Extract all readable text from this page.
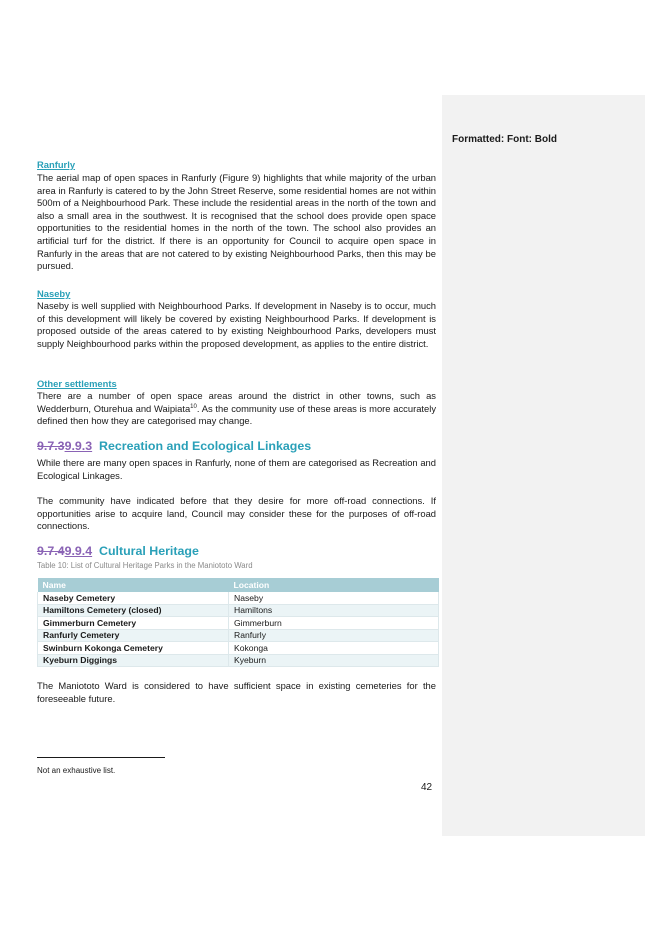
Formatted: Font: Bold
Ranfurly

The aerial map of open spaces in Ranfurly (Figure 9) highlights that while majority of the urban area in Ranfurly is catered to by the John Street Reserve, some residential homes are not within 500m of a Neighbourhood Park. These include the residential areas in the north of the town and also a small area in the southwest. It is recognised that the school does provide open space opportunities to the residential homes in the north of the town. The school also provides an artificial turf for the district. If there is an opportunity for Council to acquire open space in Ranfurly in the areas that are not catered to by existing Neighbourhood Parks, then this may be pursued.

Naseby

Naseby is well supplied with Neighbourhood Parks. If development in Naseby is to occur, much of this development will likely be covered by existing Neighbourhood Parks. If development is proposed outside of the areas catered to by existing Neighbourhood Parks, developers must supply Neighbourhood parks within the proposed development, as applies to the entire district.

Other settlements

There are a number of open space areas around the district in other towns, such as Wedderburn, Oturehua and Waipiata$^{10}$. As the community use of these areas is more accurately defined then how they are categorised may change.

9.7.39.9.3 Recreation and Ecological Linkages

While there are many open spaces in Ranfurly, none of them are categorised as Recreation and Ecological Linkages.

The community have indicated before that they desire for more off-road connections. If opportunities arise to acquire land, Council may consider these for the purposes of off-road connections.

9.7.49.9.4 Cultural Heritage
Table 10: List of Cultural Heritage Parks in the Maniototo Ward
Name	Location
Naseby Cemetery	Naseby
Hamiltons Cemetery (closed)	Hamiltons
Gimmerburn Cemetery	Gimmerburn
Ranfurly Cemetery	Ranfurly
Swinburn Kokonga Cemetery	Kokonga
Kyeburn Diggings	Kyeburn

The Maniototo Ward is considered to have sufficient space in existing cemeteries for the foreseeable future.

Not an exhaustive list.
42
